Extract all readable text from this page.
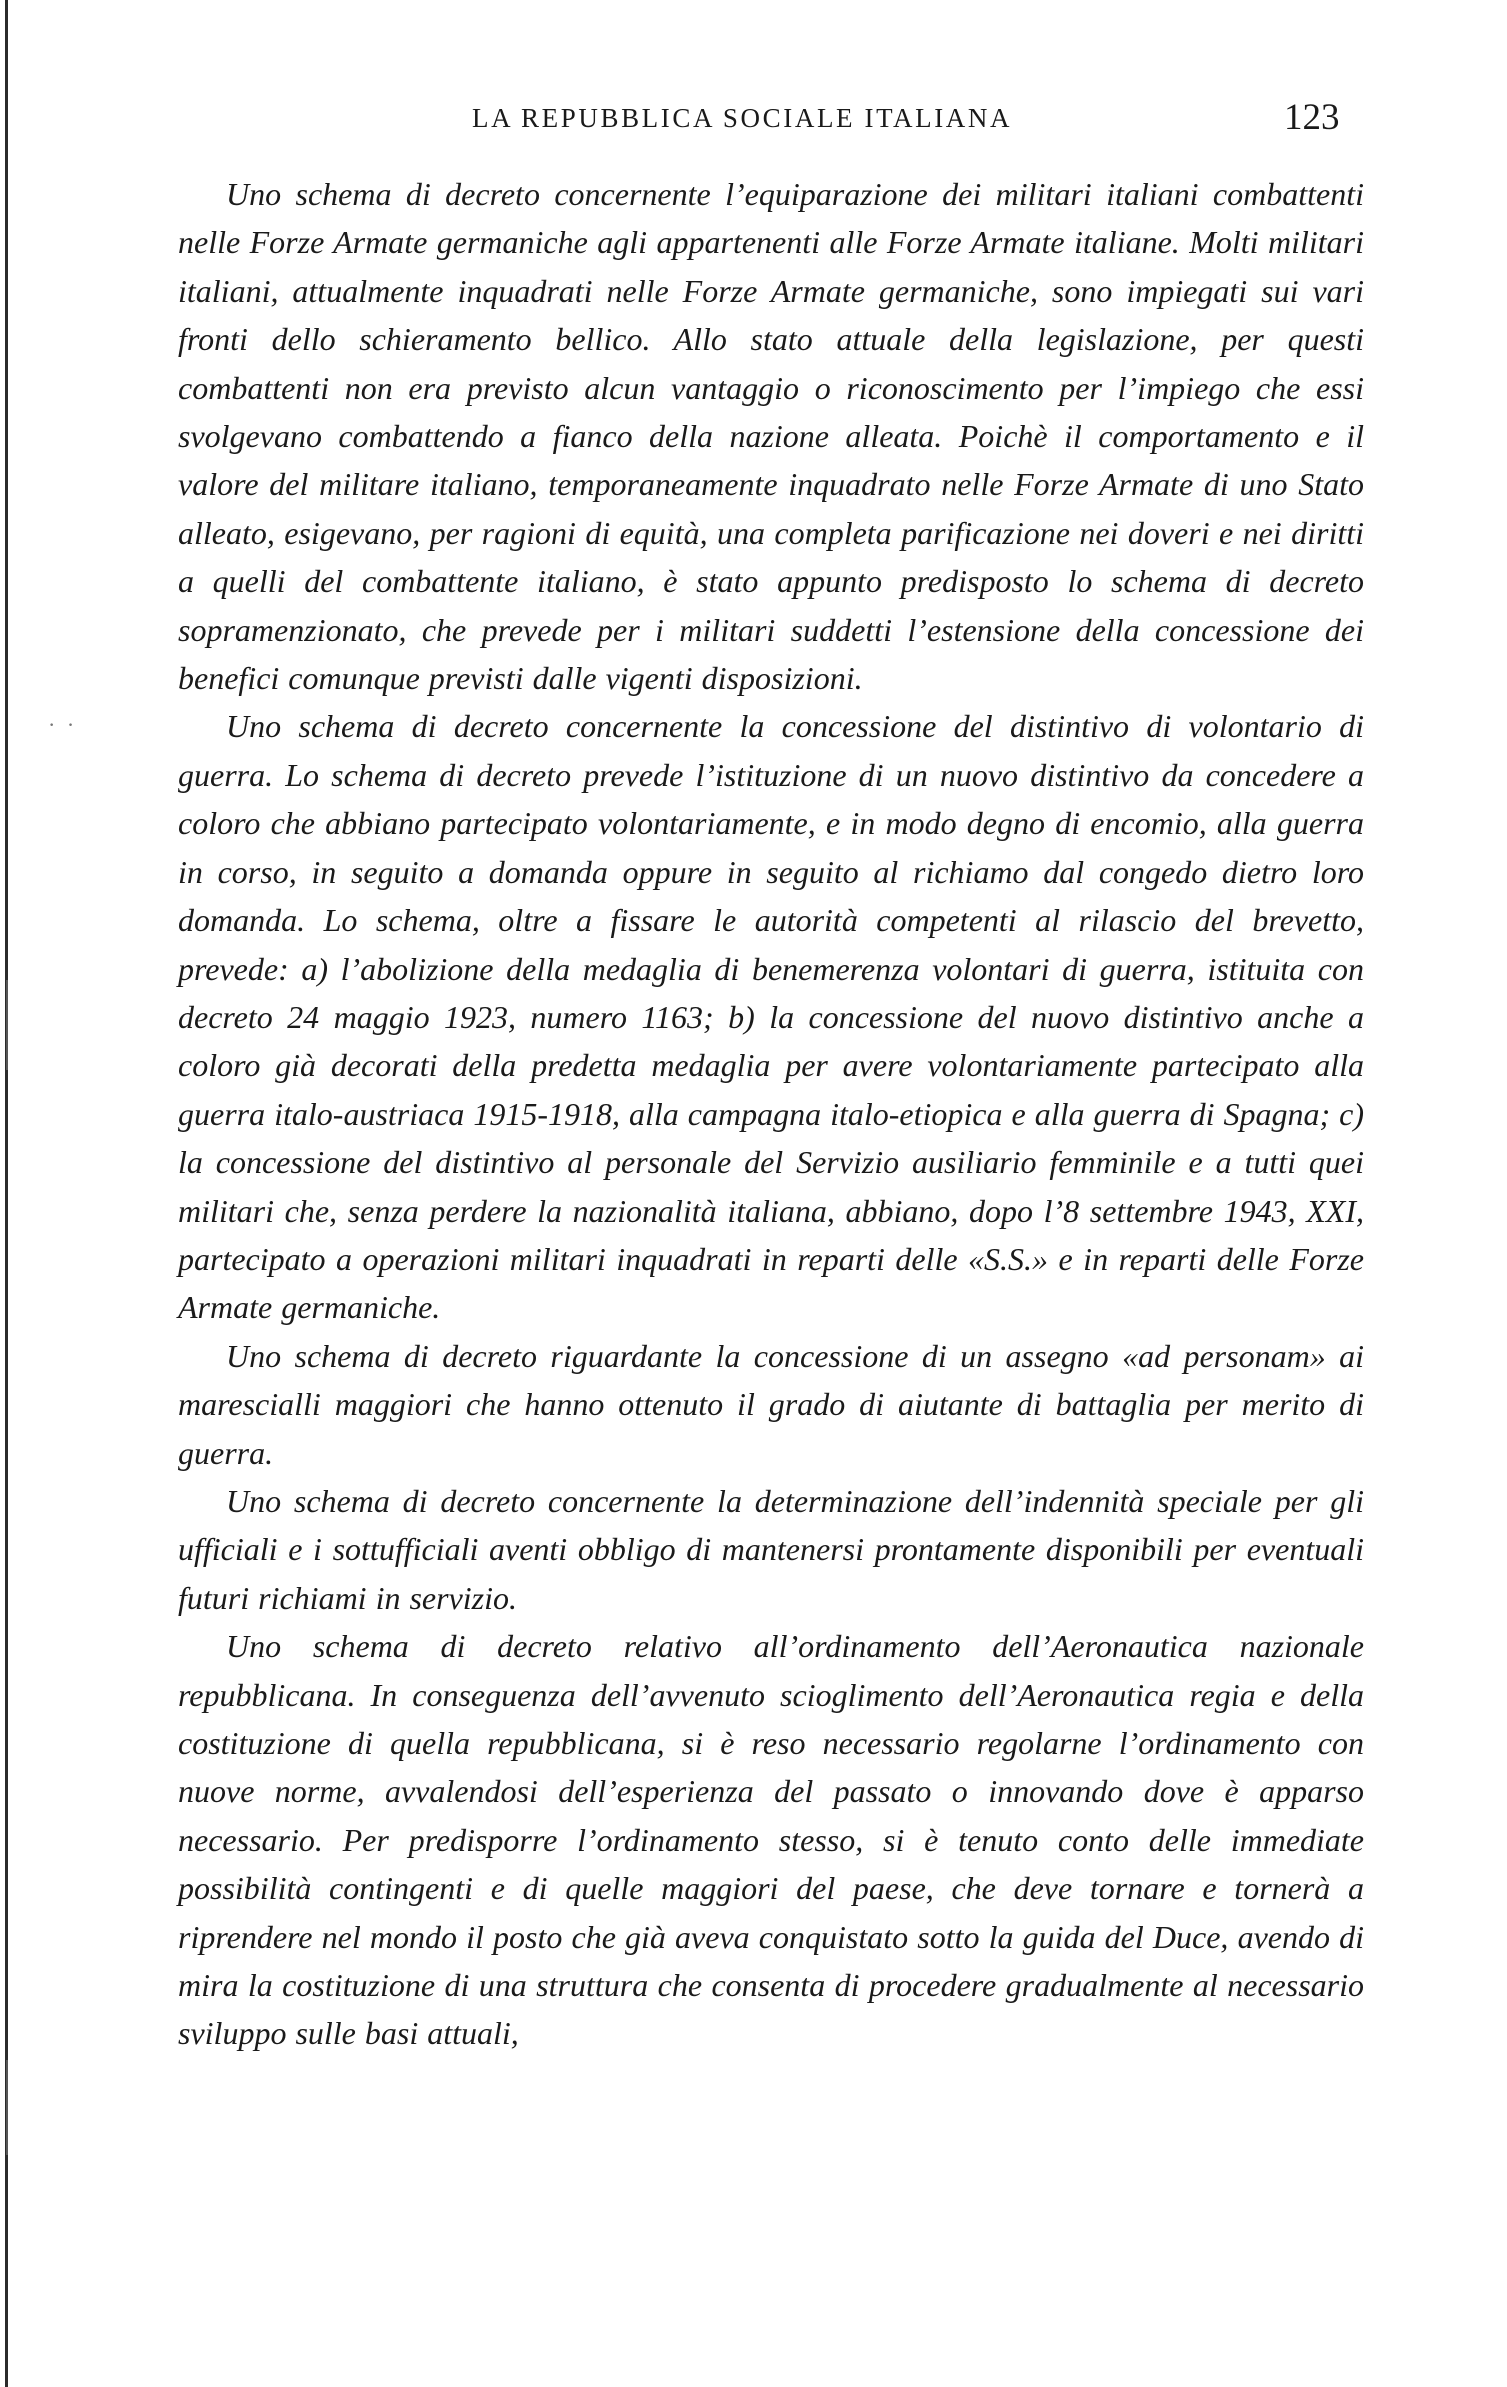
· ·
LA REPUBBLICA SOCIALE ITALIANA	123

Uno schema di decreto concernente l’equiparazione dei militari italiani combattenti nelle Forze Armate germaniche agli appartenenti alle Forze Armate italiane. Molti militari italiani, attualmente inquadrati nelle Forze Armate germaniche, sono impiegati sui vari fronti dello schieramento bellico. Allo stato attuale della legislazione, per questi combattenti non era previsto alcun vantaggio o riconoscimento per l’impiego che essi svolgevano combattendo a fianco della nazione alleata. Poichè il comportamento e il valore del militare italiano, temporaneamente inquadrato nelle Forze Armate di uno Stato alleato, esigevano, per ragioni di equità, una completa parificazione nei doveri e nei diritti a quelli del combattente italiano, è stato appunto predisposto lo schema di decreto sopramenzionato, che prevede per i militari suddetti l’estensione della concessione dei benefici comunque previsti dalle vigenti disposizioni.

Uno schema di decreto concernente la concessione del distintivo di volontario di guerra. Lo schema di decreto prevede l’istituzione di un nuovo distintivo da concedere a coloro che abbiano partecipato volontariamente, e in modo degno di encomio, alla guerra in corso, in seguito a domanda oppure in seguito al richiamo dal congedo dietro loro domanda. Lo schema, oltre a fissare le autorità competenti al rilascio del brevetto, prevede: a) l’abolizione della medaglia di benemerenza volontari di guerra, istituita con decreto 24 maggio 1923, numero 1163; b) la concessione del nuovo distintivo anche a coloro già decorati della predetta medaglia per avere volontariamente partecipato alla guerra italo-austriaca 1915-1918, alla campagna italo-etiopica e alla guerra di Spagna; c) la concessione del distintivo al personale del Servizio ausiliario femminile e a tutti quei militari che, senza perdere la nazionalità italiana, abbiano, dopo l’8 settembre 1943, XXI, partecipato a operazioni militari inquadrati in reparti delle «S.S.» e in reparti delle Forze Armate germaniche.

Uno schema di decreto riguardante la concessione di un assegno «ad personam» ai marescialli maggiori che hanno ottenuto il grado di aiutante di battaglia per merito di guerra.

Uno schema di decreto concernente la determinazione dell’indennità speciale per gli ufficiali e i sottufficiali aventi obbligo di mantenersi prontamente disponibili per eventuali futuri richiami in servizio.

Uno schema di decreto relativo all’ordinamento dell’Aeronautica nazionale repubblicana. In conseguenza dell’avvenuto scioglimento dell’Aeronautica regia e della costituzione di quella repubblicana, si è reso necessario regolarne l’ordinamento con nuove norme, avvalendosi dell’esperienza del passato o innovando dove è apparso necessario. Per predisporre l’ordinamento stesso, si è tenuto conto delle immediate possibilità contingenti e di quelle maggiori del paese, che deve tornare e tornerà a riprendere nel mondo il posto che già aveva conquistato sotto la guida del Duce, avendo di mira la costituzione di una struttura che consenta di procedere gradualmente al necessario sviluppo sulle basi attuali,
